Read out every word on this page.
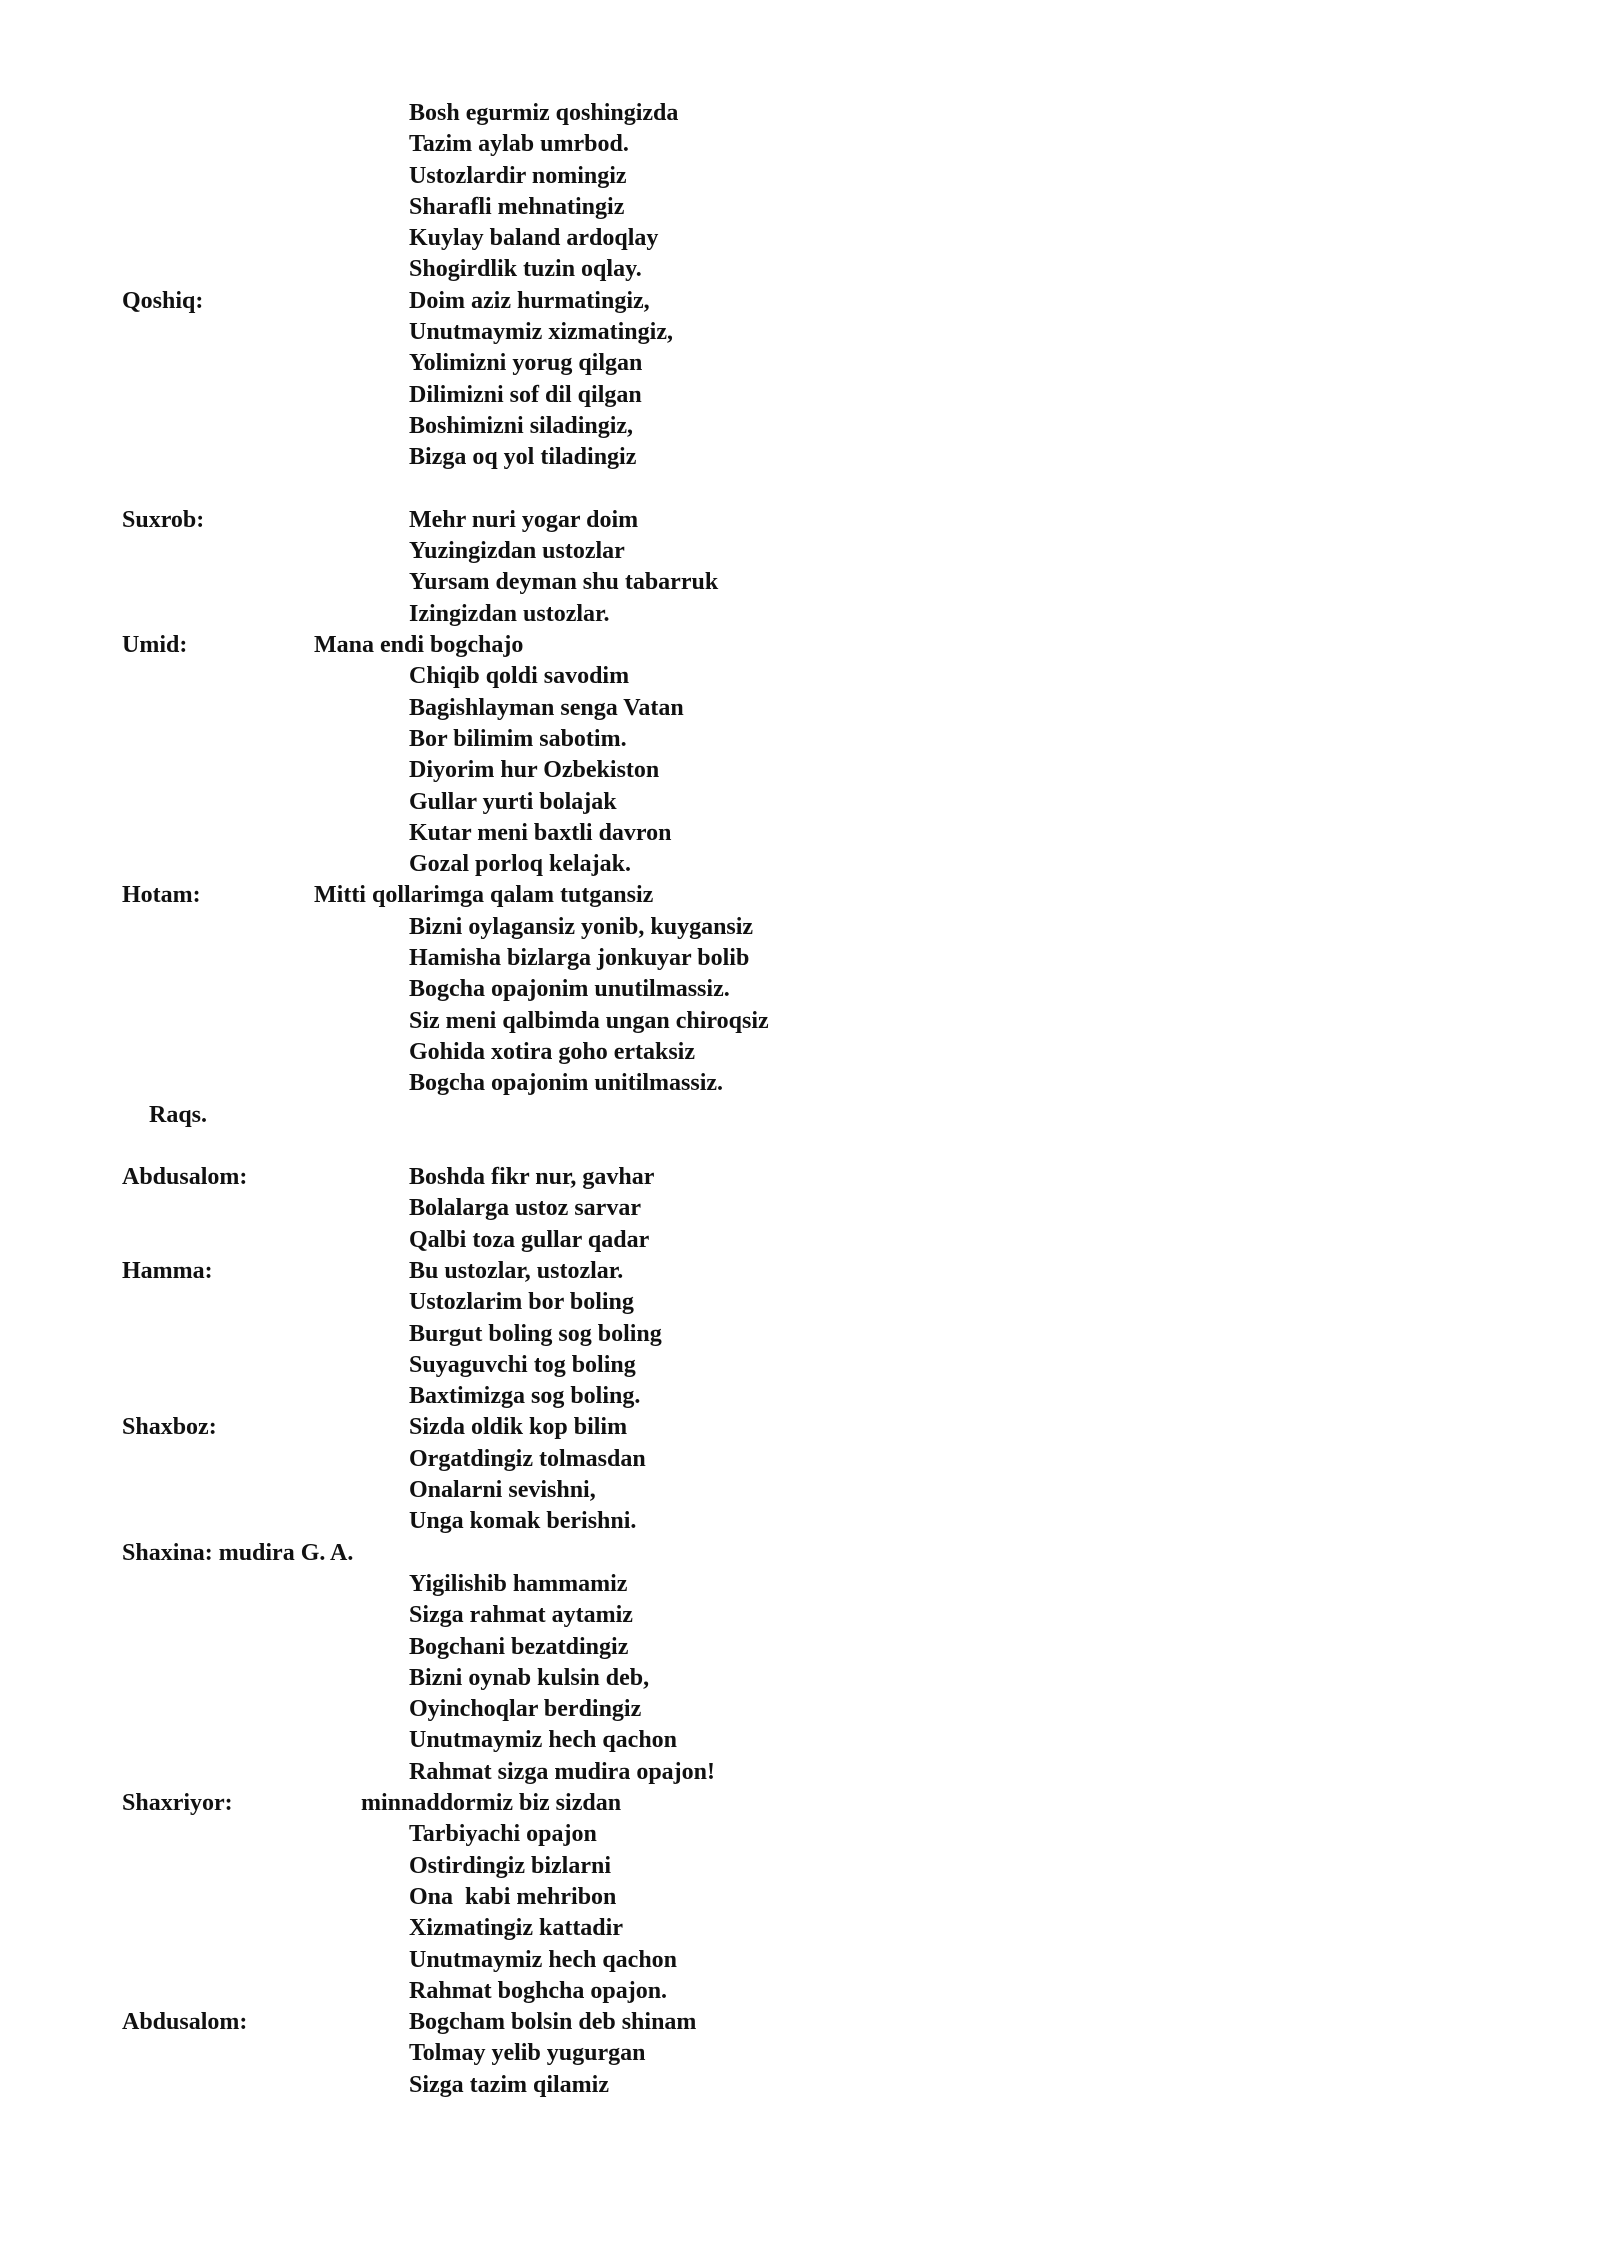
Bosh egurmiz qoshingizda
Tazim aylab umrbod.
Ustozlardir nomingiz
Sharafli mehnatingiz
Kuylay baland ardoqlay
Shogirdlik tuzin oqlay.
Qoshiq:	Doim aziz hurmatingiz,
Unutmaymiz xizmatingiz,
Yolimizni yorug qilgan
Dilimizni sof dil qilgan
Boshimizni siladingiz,
Bizga oq yol tiladingiz
Suxrob:	Mehr nuri yogar doim
Yuzingizdan ustozlar
Yursam deyman shu tabarruk
Izingizdan ustozlar.
Umid:	Mana endi bogchajo
Chiqib qoldi savodim
Bagishlayman senga Vatan
Bor bilimim sabotim.
Diyorim hur Ozbekiston
Gullar yurti bolajak
Kutar meni baxtli davron
Gozal porloq kelajak.
Hotam:	Mitti qollarimga qalam tutgansiz
Bizni oylagansiz yonib, kuygansiz
Hamisha bizlarga jonkuyar bolib
Bogcha opajonim unutilmassiz.
Siz meni qalbimda ungan chiroqsiz
Gohida xotira goho ertaksiz
Bogcha opajonim unitilmassiz.
Raqs.
Abdusalom:	Boshda fikr nur, gavhar
Bolalarga ustoz sarvar
Qalbi toza gullar qadar
Hamma:	Bu ustozlar, ustozlar.
Ustozlarim bor boling
Burgut boling sog boling
Suyaguvchi tog boling
Baxtimizga sog boling.
Shaxboz:	Sizda oldik kop bilim
Orgatdingiz tolmasdan
Onalarni sevishni,
Unga komak berishni.
Shaxina: mudira G. A.
Yigilishib hammamiz
Sizga rahmat aytamiz
Bogchani bezatdingiz
Bizni oynab kulsin deb,
Oyinchoqlar berdingiz
Unutmaymiz hech qachon
Rahmat sizga mudira opajon!
Shaxriyor:	minnaddormiz biz sizdan
Tarbiyachi opajon
Ostirdingiz bizlarni
Ona  kabi mehribon
Xizmatingiz kattadir
Unutmaymiz hech qachon
Rahmat boghcha opajon.
Abdusalom:	Bogcham bolsin deb shinam
Tolmay yelib yugurgan
Sizga tazim qilamiz
